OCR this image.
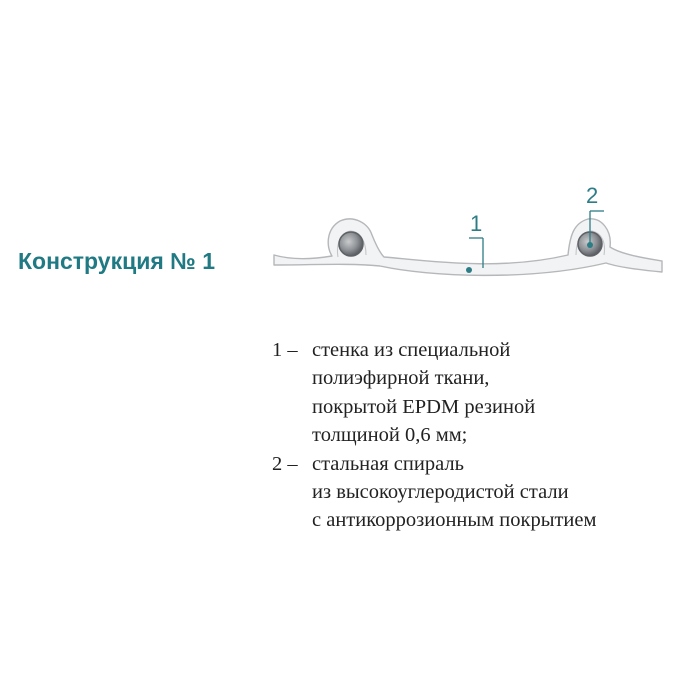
Конструкция № 1
1
2
1 – стенка из специальной
полиэфирной ткани,
покрытой EPDM резиной
толщиной 0,6 мм;
2 – стальная спираль
из высокоуглеродистой стали
с антикоррозионным покрытием
